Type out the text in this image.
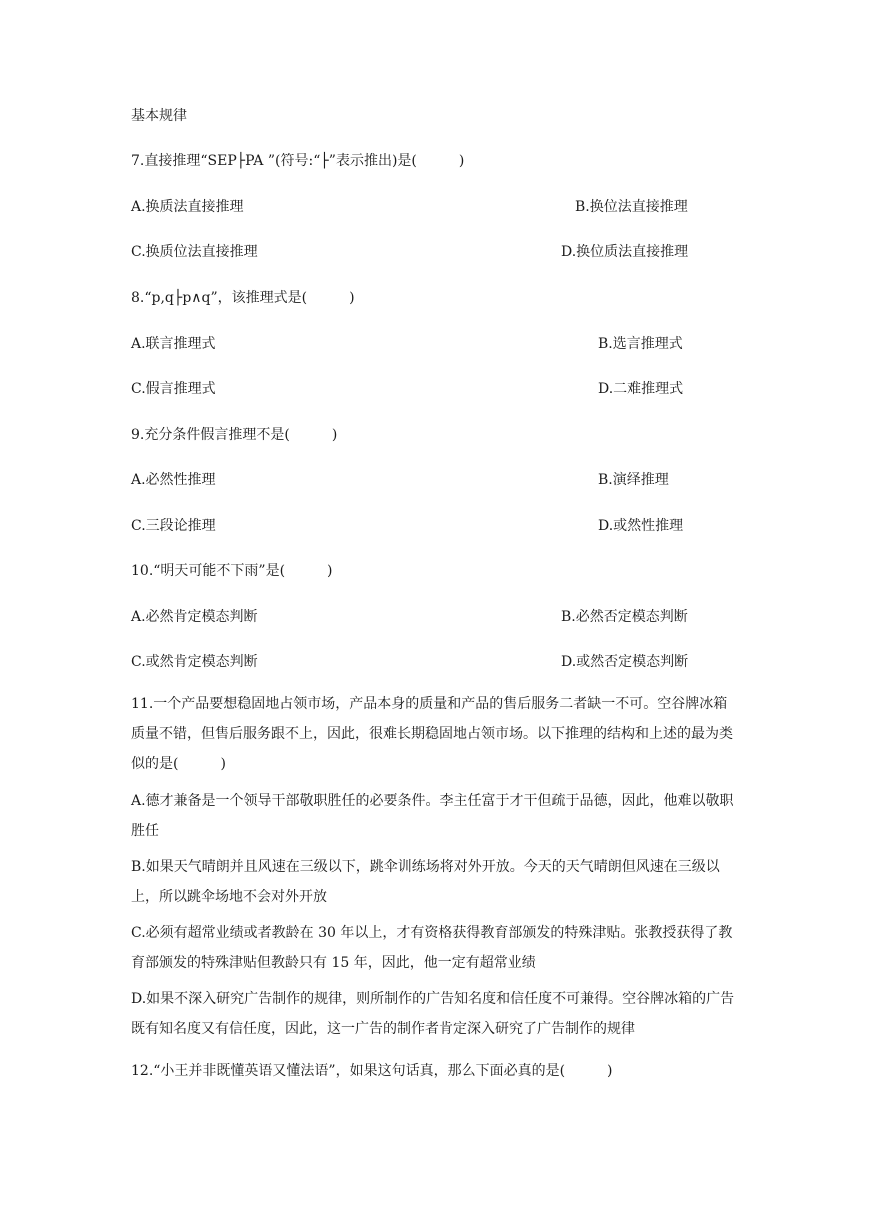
基本规律
7.直接推理“SEP├PA ”(符号:“├”表示推出)是(　　　)
A.换质法直接推理	B.换位法直接推理
C.换质位法直接推理	D.换位质法直接推理
8.“p,q├p∧q”，该推理式是(　　　)
A.联言推理式	B.选言推理式
C.假言推理式	D.二难推理式
9.充分条件假言推理不是(　　　)
A.必然性推理	B.演绎推理
C.三段论推理	D.或然性推理
10.“明天可能不下雨”是(　　　)
A.必然肯定模态判断	B.必然否定模态判断
C.或然肯定模态判断	D.或然否定模态判断
11.一个产品要想稳固地占领市场，产品本身的质量和产品的售后服务二者缺一不可。空谷牌冰箱质量不错，但售后服务跟不上，因此，很难长期稳固地占领市场。以下推理的结构和上述的最为类似的是(　　　)
A.德才兼备是一个领导干部敬职胜任的必要条件。李主任富于才干但疏于品德，因此，他难以敬职胜任
B.如果天气晴朗并且风速在三级以下，跳伞训练场将对外开放。今天的天气晴朗但风速在三级以上，所以跳伞场地不会对外开放
C.必须有超常业绩或者教龄在 30 年以上，才有资格获得教育部颁发的特殊津贴。张教授获得了教育部颁发的特殊津贴但教龄只有 15 年，因此，他一定有超常业绩
D.如果不深入研究广告制作的规律，则所制作的广告知名度和信任度不可兼得。空谷牌冰箱的广告既有知名度又有信任度，因此，这一广告的制作者肯定深入研究了广告制作的规律
12.“小王并非既懂英语又懂法语”，如果这句话真，那么下面必真的是(　　　)
